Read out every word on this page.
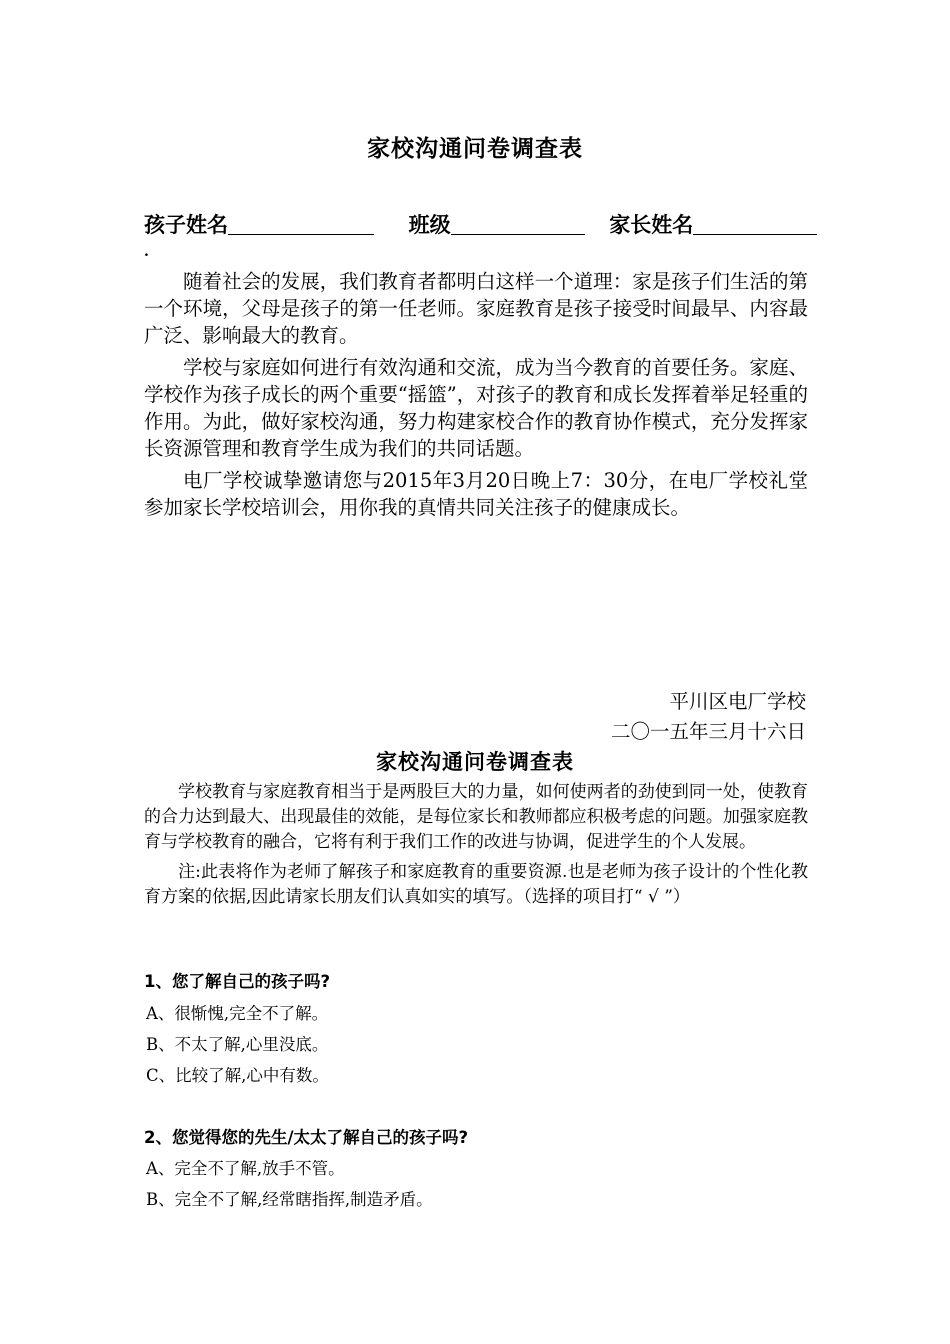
家校沟通问卷调查表
孩子姓名	班级	家长姓名
.

随着社会的发展，我们教育者都明白这样一个道理：家是孩子们生活的第一个环境，父母是孩子的第一任老师。家庭教育是孩子接受时间最早、内容最广泛、影响最大的教育。

学校与家庭如何进行有效沟通和交流，成为当今教育的首要任务。家庭、学校作为孩子成长的两个重要“摇篮”，对孩子的教育和成长发挥着举足轻重的作用。为此，做好家校沟通，努力构建家校合作的教育协作模式，充分发挥家长资源管理和教育学生成为我们的共同话题。

电厂学校诚挚邀请您与2015年3月20日晚上7：30分，在电厂学校礼堂参加家长学校培训会，用你我的真情共同关注孩子的健康成长。

平川区电厂学校
二〇一五年三月十六日
家校沟通问卷调查表

学校教育与家庭教育相当于是两股巨大的力量，如何使两者的劲使到同一处，使教育的合力达到最大、出现最佳的效能，是每位家长和教师都应积极考虑的问题。加强家庭教育与学校教育的融合，它将有利于我们工作的改进与协调，促进学生的个人发展。

注:此表将作为老师了解孩子和家庭教育的重要资源.也是老师为孩子设计的个性化教育方案的依据,因此请家长朋友们认真如实的填写。（选择的项目打“ √ ”）

1、您了解自己的孩子吗?
A、很惭愧,完全不了解。
B、不太了解,心里没底。
C、比较了解,心中有数。
2、您觉得您的先生/太太了解自己的孩子吗?
A、完全不了解,放手不管。
B、完全不了解,经常瞎指挥,制造矛盾。
